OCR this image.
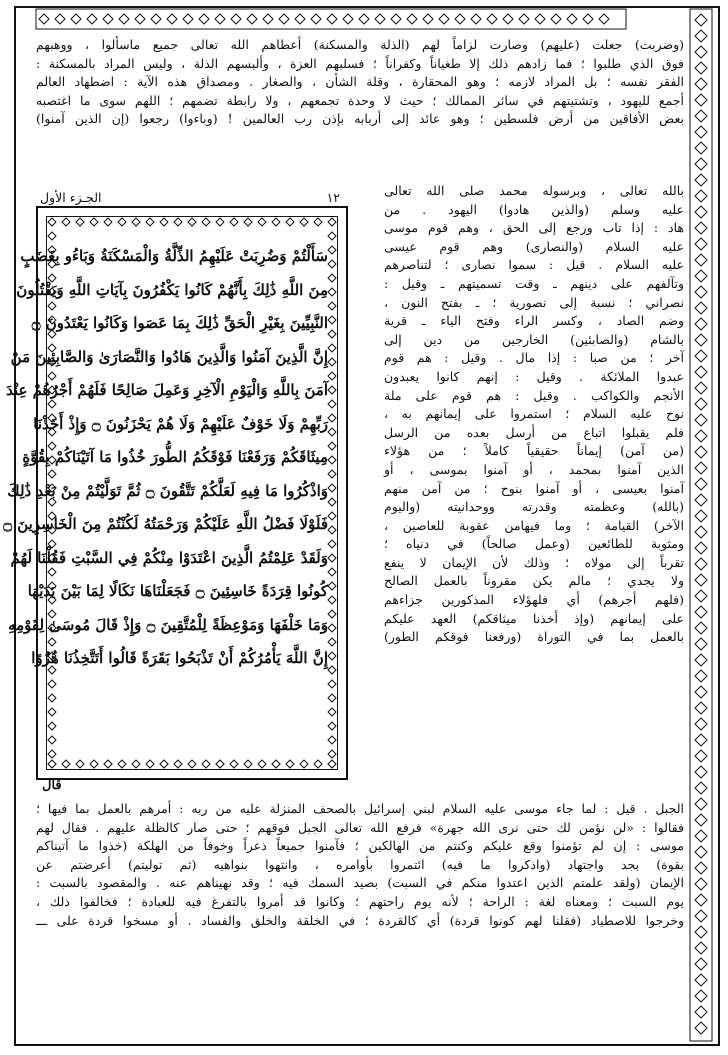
(وضربت) جعلت (عليهم) وصارت لزاماً لهم (الذلة والمسكنة) أعطاهم الله تعالى جميع ماسألوا ، ووهبهم
فوق الذي طلبوا ؛ فما زادهم ذلك إلا طغياناً وكفراناً ؛ فسلبهم العزة ، وألبسهم الذلة ، وليس المراد بالمسكنة :
الفقر نفسه ؛ بل المراد لازمه ؛ وهو المحقارة ، وقلة الشأن ، والصغار . ومصداق هذه الآية : اضطهاد العالم
أجمع لليهود ، وتشتيتهم في سائر الممالك ؛ حيث لا وحدة تجمعهم ، ولا رابطة تضمهم ؛ اللهم سوى ما اغتصبه
بعض الأفاقين من أرض فلسطين ؛ وهو عائد إلى أربابه بإذن رب العالمين ! (وباءوا) رجعوا (إن الذين آمنوا)
١٢
الجـزء الأول
سَأَلْتُمْ وَضُرِبَتْ عَلَيْهِمُ الذِّلَّةُ وَالْمَسْكَنَةُ وَبَاءُو بِغَضَبٍ
مِنَ اللَّهِ ذَٰلِكَ بِأَنَّهُمْ كَانُوا يَكْفُرُونَ بِآيَاتِ اللَّهِ وَيَقْتُلُونَ
النَّبِيِّينَ بِغَيْرِ الْحَقِّ ذَٰلِكَ بِمَا عَصَوا وَكَانُوا يَعْتَدُونَ ۝
إِنَّ الَّذِينَ آمَنُوا وَالَّذِينَ هَادُوا وَالنَّصَارَىٰ وَالصَّابِئِينَ مَنْ
آمَنَ بِاللَّهِ وَالْيَوْمِ الْآخِرِ وَعَمِلَ صَالِحًا فَلَهُمْ أَجْرُهُمْ عِنْدَ
رَبِّهِمْ وَلَا خَوْفٌ عَلَيْهِمْ وَلَا هُمْ يَحْزَنُونَ ۝ وَإِذْ أَخَذْنَا
مِيثَاقَكُمْ وَرَفَعْنَا فَوْقَكُمُ الطُّورَ خُذُوا مَا آتَيْنَاكُمْ بِقُوَّةٍ
وَاذْكُرُوا مَا فِيهِ لَعَلَّكُمْ تَتَّقُونَ ۝ ثُمَّ تَوَلَّيْتُمْ مِنْ بَعْدِ ذَٰلِكَ
فَلَوْلَا فَضْلُ اللَّهِ عَلَيْكُمْ وَرَحْمَتُهُ لَكُنْتُمْ مِنَ الْخَاسِرِينَ ۝
وَلَقَدْ عَلِمْتُمُ الَّذِينَ اعْتَدَوْا مِنْكُمْ فِي السَّبْتِ فَقُلْنَا لَهُمْ
كُونُوا قِرَدَةً خَاسِئِينَ ۝ فَجَعَلْنَاهَا نَكَالًا لِمَا بَيْنَ يَدَيْهَا
وَمَا خَلْفَهَا وَمَوْعِظَةً لِلْمُتَّقِينَ ۝ وَإِذْ قَالَ مُوسَىٰ لِقَوْمِهِ
إِنَّ اللَّهَ يَأْمُرُكُمْ أَنْ تَذْبَحُوا بَقَرَةً قَالُوا أَتَتَّخِذُنَا هُزُوًا
قال
بالله تعالى ، وبرسوله محمد صلى الله تعالى
عليه وسلم (والذين هادوا) اليهود . من
هاد : إذا تاب ورجع إلى الحق ، وهم قوم موسى
عليه السلام (والنصارى) وهم قوم عيسى
عليه السلام . قيل : سموا نصارى ؛ لتناصرهم
وتآلفهم على دينهم ـ وقت تسميتهم ـ وقيل :
نصراني ؛ نسبة إلى نصورية ؛ ـ بفتح النون ،
وضم الصاد ، وكسر الراء وفتح الياء ـ قرية
بالشام (والصابئين) الخارجين من دين إلى
آخر ؛ من صبا : إذا مال . وقيل : هم قوم
عبدوا الملائكة . وقيل : إنهم كانوا يعبدون
الأنجم والكواكب . وقيل : هم قوم على ملة
نوح عليه السلام ؛ استمروا على إيمانهم به ،
فلم يقبلوا اتباع من أرسل بعده من الرسل
(من آمن) إيماناً حقيقياً كاملاً ؛ من هؤلاء
الذين آمنوا بمحمد ، أو آمنوا بموسى ، أو
آمنوا بعيسى ، أو آمنوا بنوح ؛ من آمن منهم
(بالله) وعظمته وقدرته ووحدانيته (واليوم
الآخر) القيامة ؛ وما فيهامن عقوبة للعاصين ،
ومثوبة للطائعين (وعمل صالحاً) في دنياه ؛
تقرباً إلى مولاه ؛ وذلك لأن الإيمان لا ينفع
ولا يجدي ؛ مالم يكن مقروناً بالعمل الصالح
(فلهم أجرهم) أي فلهؤلاء المذكورين جزاءهم
على إيمانهم (وإذ أخذنا ميثاقكم) العهد عليكم
بالعمل بما في التوراة (ورفعنا فوقكم الطور)
الجبل . قيل : لما جاء موسى عليه السلام لبني إسرائيل بالصحف المنزلة عليه من ربه : أمرهم بالعمل بما فيها ؛
فقالوا : «لن نؤمن لك حتى نرى الله جهرة» فرفع الله تعالى الجبل فوقهم ؛ حتى صار كالظلة عليهم . فقال لهم
موسى : إن لم تؤمنوا وقع عليكم وكنتم من الهالكين ؛ فآمنوا جميعاً ذعراً وخوفاً من الهلكة (خذوا ما آتيناكم
بقوة) بجد واجتهاد (واذكروا ما فيه) ائتمروا بأوامره ، وانتهوا بنواهيه (ثم توليتم) أعرضتم عن
الإيمان (ولقد علمتم الذين اعتدوا منكم في السبت) بصيد السمك فيه ؛ وقد نهيناهم عنه . والمقصود بالسبت :
يوم السبت ؛ ومعناه لغة : الراحة ؛ لأنه يوم راحتهم ؛ وكانوا قد أمروا بالتفرغ فيه للعبادة ؛ فخالفوا ذلك ،
وخرجوا للاصطياد (فقلنا لهم كونوا قردة) أي كالقردة ؛ في الخلقة والخلق والفساد . أو مسخوا قردة على ـــ
